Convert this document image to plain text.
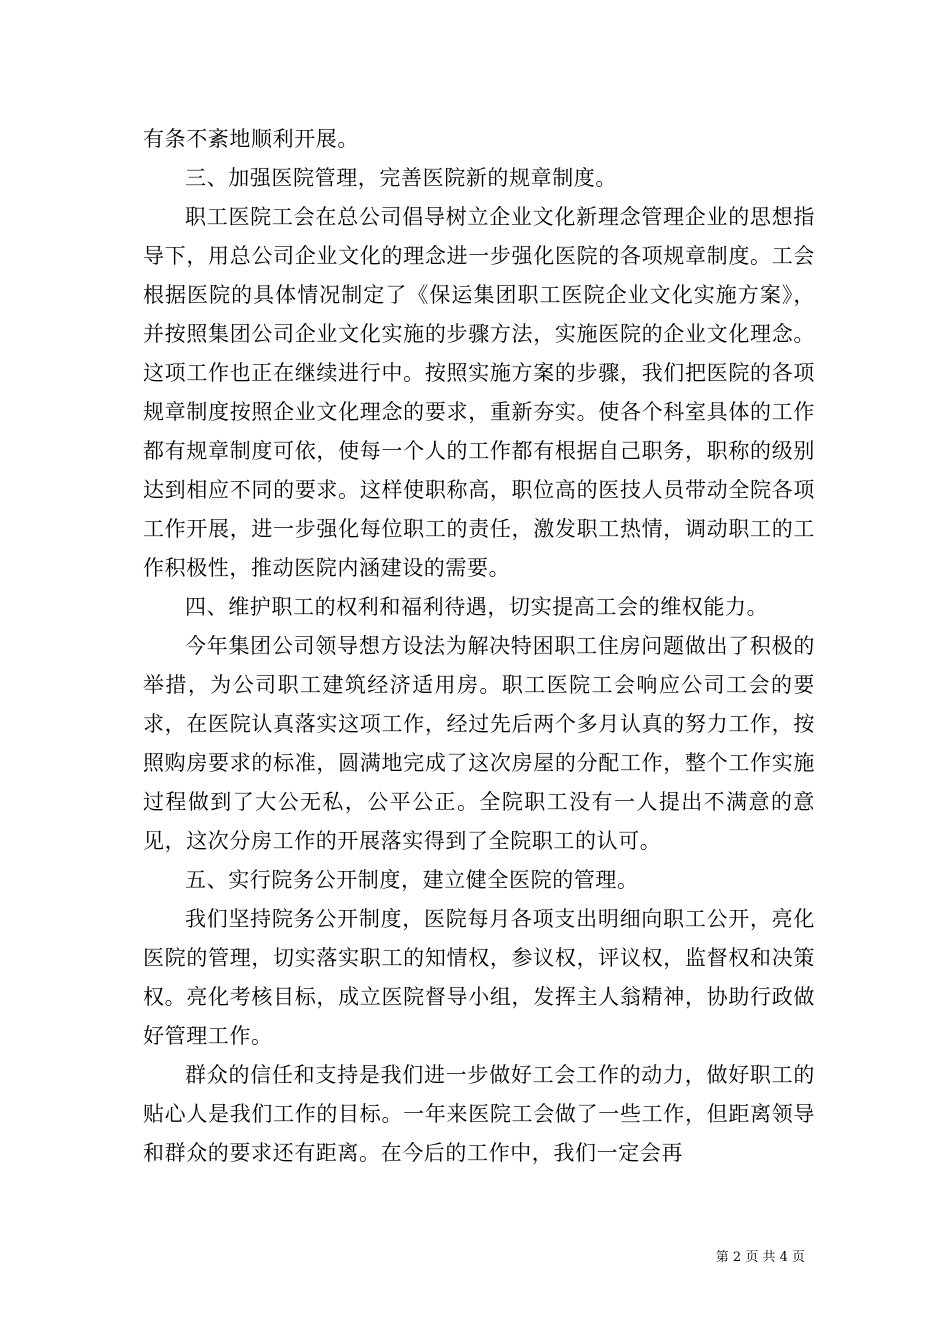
有条不紊地顺利开展。

三、加强医院管理，完善医院新的规章制度。

职工医院工会在总公司倡导树立企业文化新理念管理企业的思想指导下，用总公司企业文化的理念进一步强化医院的各项规章制度。工会根据医院的具体情况制定了《保运集团职工医院企业文化实施方案》，并按照集团公司企业文化实施的步骤方法，实施医院的企业文化理念。这项工作也正在继续进行中。按照实施方案的步骤，我们把医院的各项规章制度按照企业文化理念的要求，重新夯实。使各个科室具体的工作都有规章制度可依，使每一个人的工作都有根据自己职务，职称的级别达到相应不同的要求。这样使职称高，职位高的医技人员带动全院各项工作开展，进一步强化每位职工的责任，激发职工热情，调动职工的工作积极性，推动医院内涵建设的需要。

四、维护职工的权利和福利待遇，切实提高工会的维权能力。

今年集团公司领导想方设法为解决特困职工住房问题做出了积极的举措，为公司职工建筑经济适用房。职工医院工会响应公司工会的要求，在医院认真落实这项工作，经过先后两个多月认真的努力工作，按照购房要求的标准，圆满地完成了这次房屋的分配工作，整个工作实施过程做到了大公无私，公平公正。全院职工没有一人提出不满意的意见，这次分房工作的开展落实得到了全院职工的认可。

五、实行院务公开制度，建立健全医院的管理。

我们坚持院务公开制度，医院每月各项支出明细向职工公开，亮化医院的管理，切实落实职工的知情权，参议权，评议权，监督权和决策权。亮化考核目标，成立医院督导小组，发挥主人翁精神，协助行政做好管理工作。

群众的信任和支持是我们进一步做好工会工作的动力，做好职工的贴心人是我们工作的目标。一年来医院工会做了一些工作，但距离领导和群众的要求还有距离。在今后的工作中，我们一定会再

第 2 页 共 4 页
